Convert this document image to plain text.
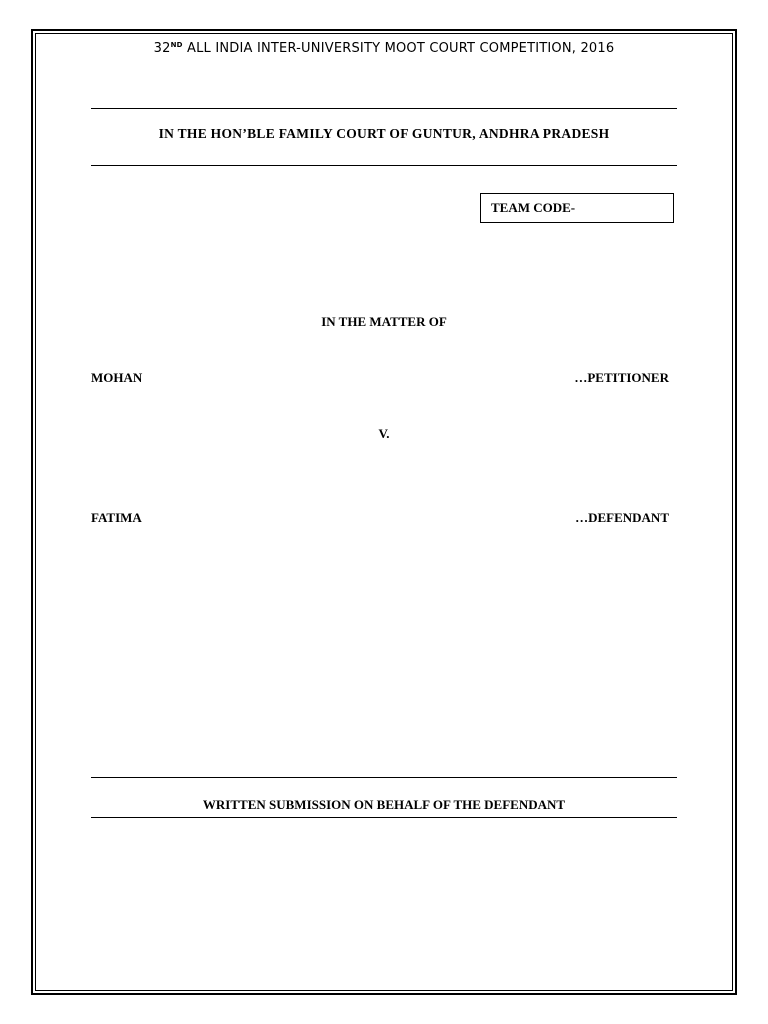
32ND ALL INDIA INTER-UNIVERSITY MOOT COURT COMPETITION, 2016
IN THE HON’BLE FAMILY COURT OF GUNTUR, ANDHRA PRADESH
TEAM CODE-
IN THE MATTER OF
MOHAN	…PETITIONER
V.
FATIMA	…DEFENDANT
WRITTEN SUBMISSION ON BEHALF OF THE DEFENDANT
